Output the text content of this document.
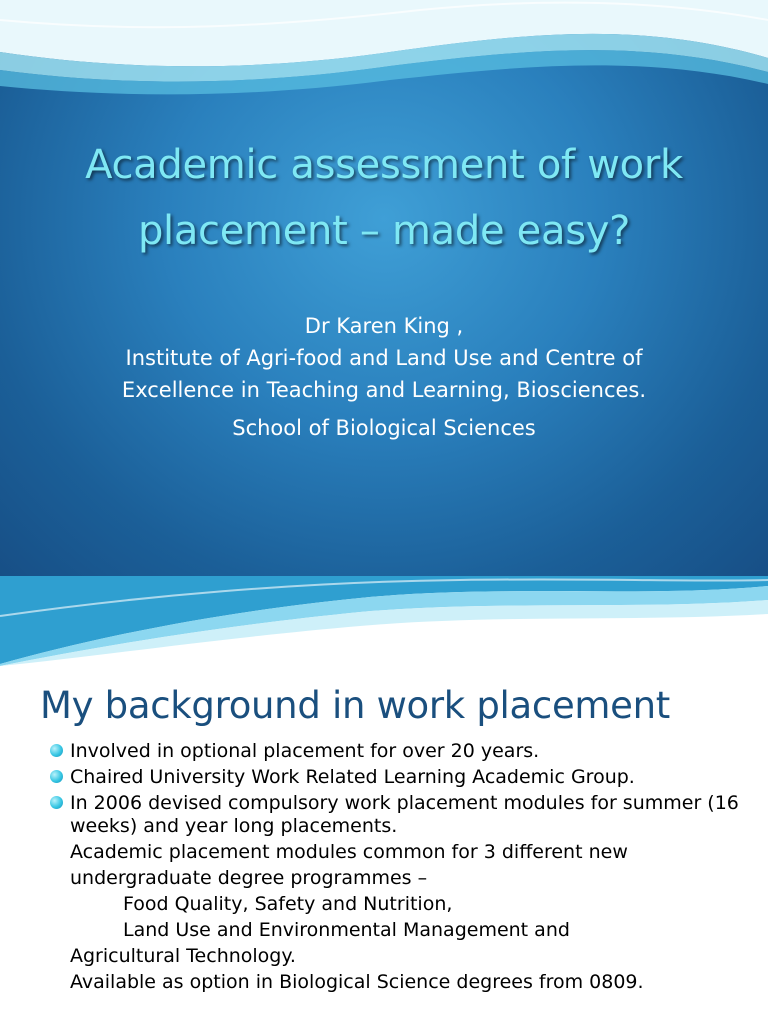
Academic assessment of work
placement – made easy?
Dr Karen King ,
Institute of Agri-food and Land Use and Centre of
Excellence in Teaching and Learning, Biosciences.
School of Biological Sciences
My background in work placement
Involved in optional placement for over 20 years.
Chaired University Work Related Learning Academic Group.
In 2006 devised compulsory work placement modules for summer (16 weeks) and year long placements.
Academic placement modules common for 3 different new
undergraduate degree programmes –
Food Quality, Safety and Nutrition,
Land Use and Environmental Management and
Agricultural Technology.
Available as option in Biological Science degrees from 0809.
